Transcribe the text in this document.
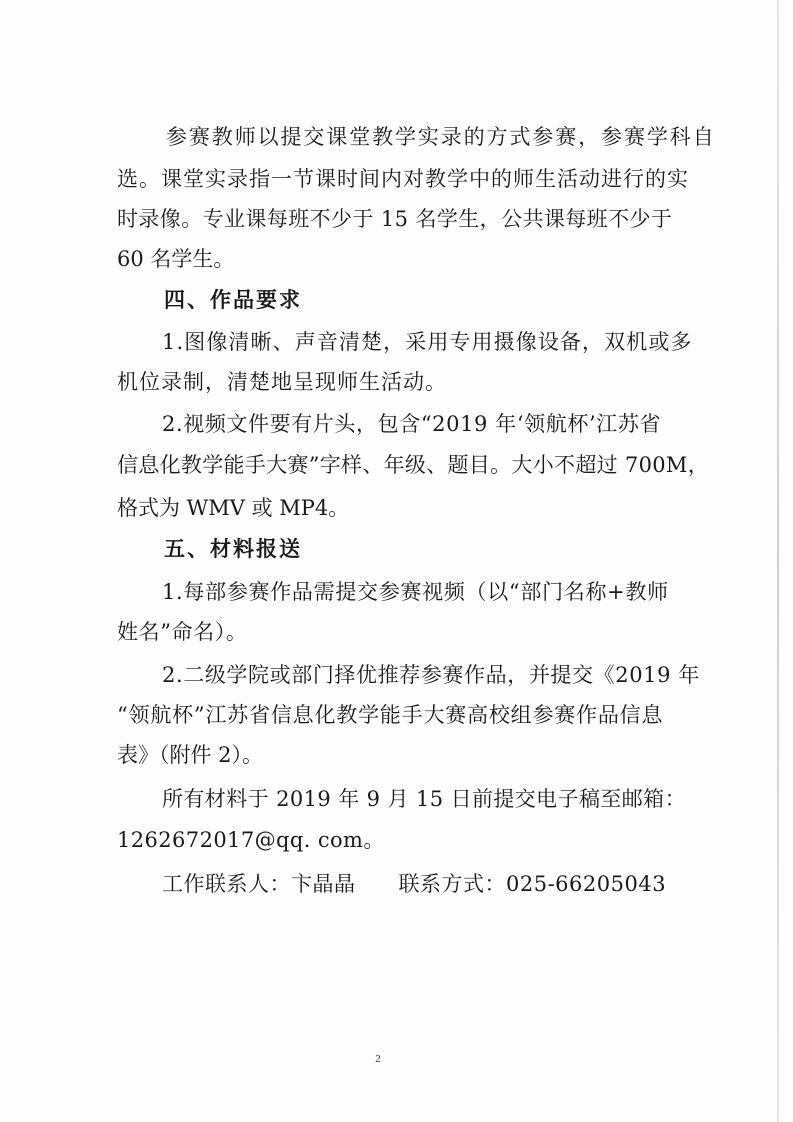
参赛教师以提交课堂教学实录的方式参赛，参赛学科自
选。课堂实录指一节课时间内对教学中的师生活动进行的实
时录像。专业课每班不少于 15 名学生，公共课每班不少于
60 名学生。
四、作品要求
1.图像清晰、声音清楚，采用专用摄像设备，双机或多
机位录制，清楚地呈现师生活动。
2.视频文件要有片头，包含“2019 年‘领航杯’江苏省
信息化教学能手大赛”字样、年级、题目。大小不超过 700M，
格式为 WMV 或 MP4。
五、材料报送
1.每部参赛作品需提交参赛视频（以“部门名称+教师
姓名”命名）。
2.二级学院或部门择优推荐参赛作品，并提交《2019 年
“领航杯”江苏省信息化教学能手大赛高校组参赛作品信息
表》（附件 2）。
所有材料于 2019 年 9 月 15 日前提交电子稿至邮箱：
1262672017@qq. com。
工作联系人：卞晶晶　　联系方式：025-66205043
2
